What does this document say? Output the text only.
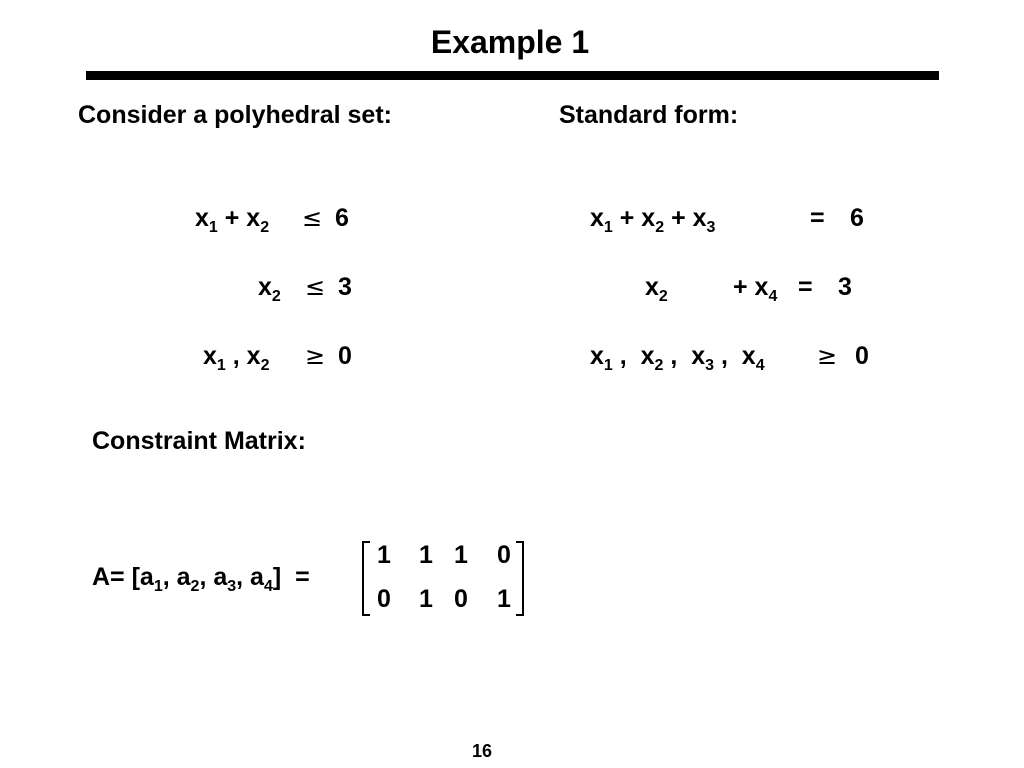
Example 1
Consider a polyhedral set:	Standard form:
$x_1 + x_2 \le 6$
$x_2 \le 3$
$x_1$ , $x_2 \ge 0$
$x_1 + x_2 + x_3$	= 6
$x_2$	+ $x_4 = 3$
$x_1$ ,  $x_2$ ,  $x_3$ ,  $x_4 \ge 0$
Constraint Matrix:
$A= [a_1$, $a_2$, $a_3$, $a_4$]  =
1 1 1 0
0 1 0 1
16
